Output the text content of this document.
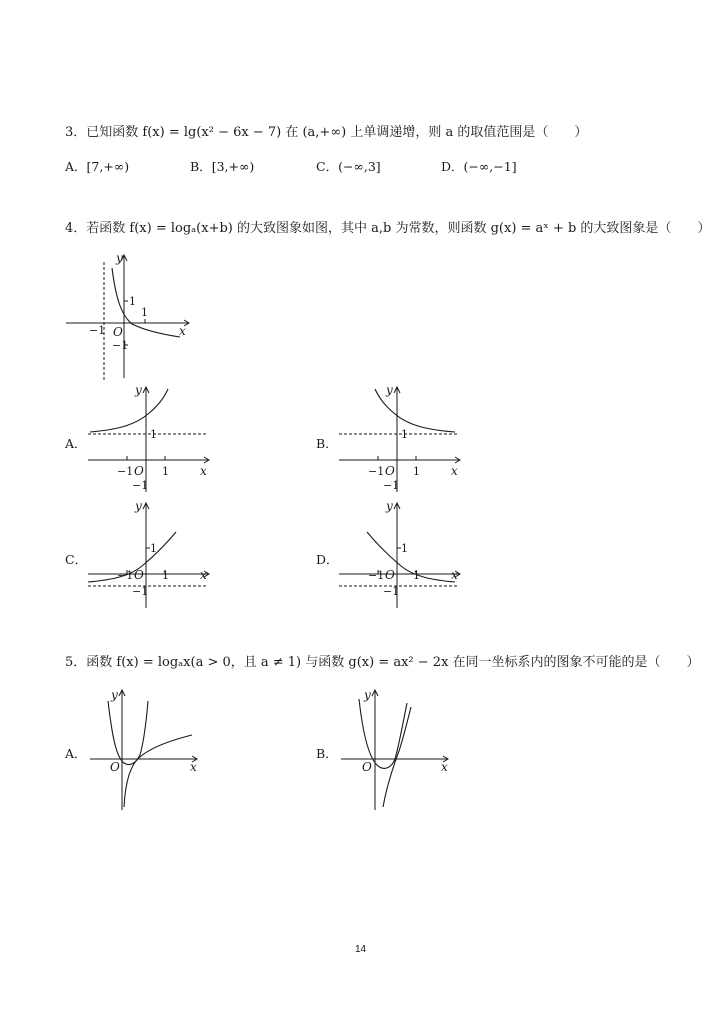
3．已知函数 f(x) = lg(x² − 6x − 7) 在 (a,+∞) 上单调递增，则 a 的取值范围是（　　）
A．[7,+∞)	B．[3,+∞)	C．(−∞,3]	D．(−∞,−1]
4．若函数 f(x) = logₐ(x+b) 的大致图象如图，其中 a,b 为常数，则函数 g(x) = aˣ + b 的大致图象是（　　）
y
x
O
1
1
−1
−1
A．
y
x
O
1
1
−1
−1
B．
y
x
O
1
1
−1
−1
C．
y
x
O
1
1
−1
−1
D．
y
x
O
1
1
−1
−1
5．函数 f(x) = logₐx(a > 0，且 a ≠ 1) 与函数 g(x) = ax² − 2x 在同一坐标系内的图象不可能的是（　　）
A．
y
x
O
B．
y
x
O
14
